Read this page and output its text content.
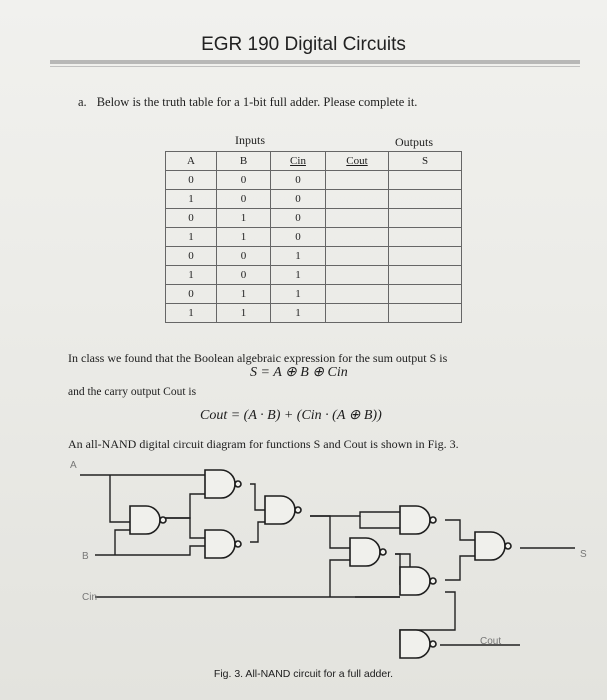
EGR 190 Digital Circuits
a. Below is the truth table for a 1-bit full adder. Please complete it.
Inputs	Outputs
A	B	Cin	Cout	S
0	0	0		
1	0	0		
0	1	0		
1	1	0		
0	0	1		
1	0	1		
0	1	1		
1	1	1		
In class we found that the Boolean algebraic expression for the sum output S is
S = A ⊕ B ⊕ Cin
and the carry output Cout is
Cout = (A · B) + (Cin · (A ⊕ B))
An all-NAND digital circuit diagram for functions S and Cout is shown in Fig. 3.
A
B
Cin
S
Cout
Fig. 3. All-NAND circuit for a full adder.
